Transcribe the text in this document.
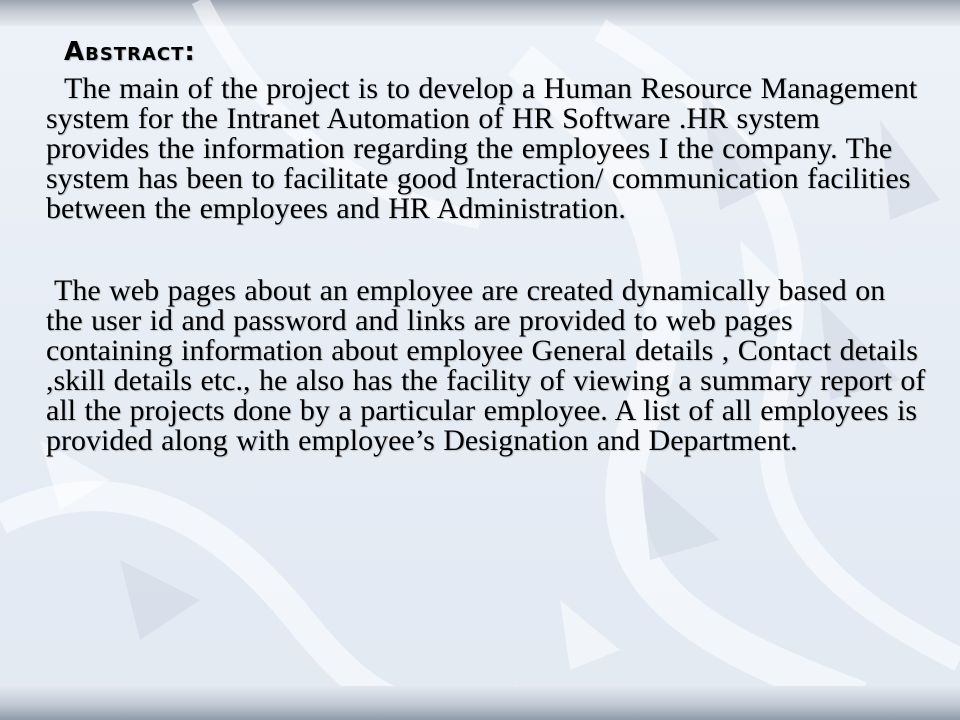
Abstract:

The main of the project is to develop a Human Resource Management system for the Intranet Automation of HR Software .HR system provides the information regarding the employees I the company. The system has been to facilitate good Interaction/ communication facilities between the employees and HR Administration.

The web pages about an employee are created dynamically based on the user id and password and links are provided to web pages containing information about employee General details , Contact details ,skill details etc., he also has the facility of viewing a summary report of all the projects done by a particular employee. A list of all employees is provided along with employee’s Designation and Department.
